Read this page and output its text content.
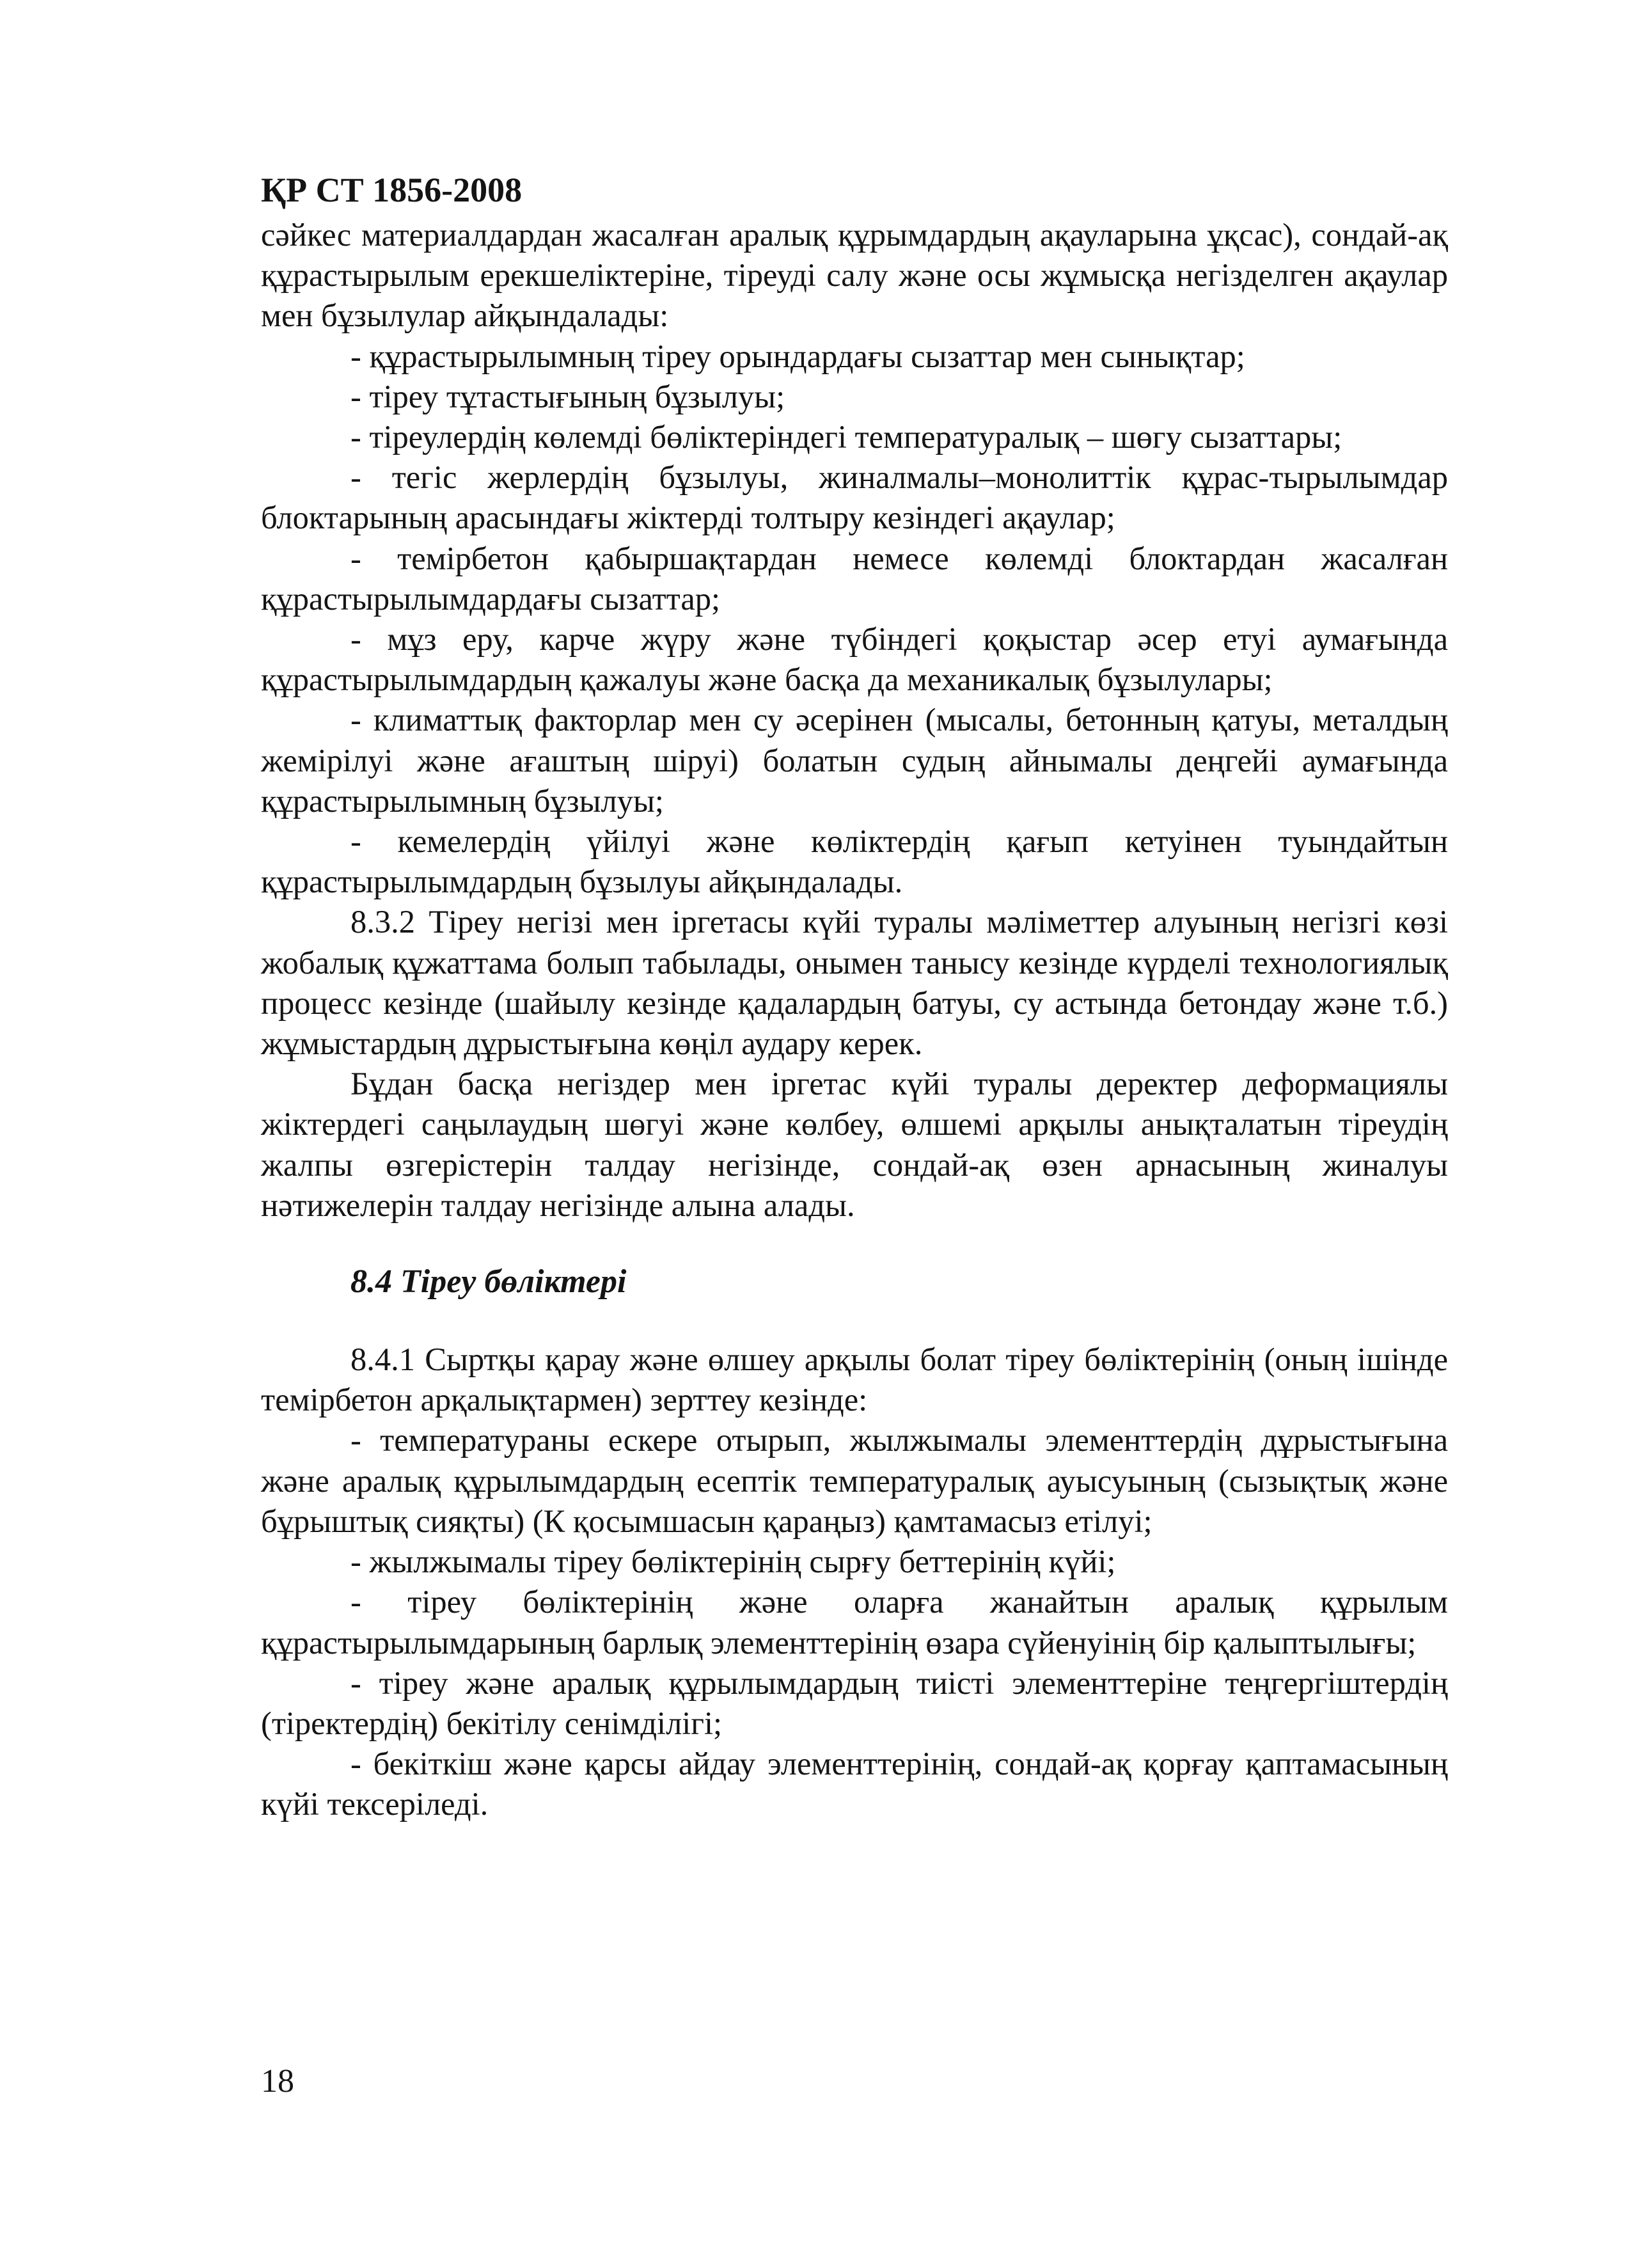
ҚР СТ 1856-2008

сәйкес материалдардан жасалған аралық құрымдардың ақауларына ұқсас), сондай-ақ құрастырылым ерекшеліктеріне, тіреуді салу және осы жұмысқа негізделген ақаулар мен бұзылулар айқындалады:

- құрастырылымның тіреу орындардағы сызаттар мен сынықтар;

- тіреу тұтастығының бұзылуы;

- тіреулердің көлемді бөліктеріндегі температуралық – шөгу сызаттары;

- тегіс жерлердің бұзылуы, жиналмалы–монолиттік құрас-тырылымдар блоктарының арасындағы жіктерді толтыру кезіндегі ақаулар;

- темірбетон қабыршақтардан немесе көлемді блоктардан жасалған құрастырылымдардағы сызаттар;

- мұз еру, карче жүру және түбіндегі қоқыстар әсер етуі аумағында құрастырылымдардың қажалуы және басқа да механикалық бұзылулары;

- климаттық факторлар мен су әсерінен (мысалы, бетонның қатуы, металдың жемірілуі және ағаштың шіруі) болатын судың айнымалы деңгейі аумағында құрастырылымның бұзылуы;

- кемелердің үйілуі және көліктердің қағып кетуінен туындайтын құрастырылымдардың бұзылуы айқындалады.

8.3.2 Тіреу негізі мен іргетасы күйі туралы мәліметтер алуының негізгі көзі жобалық құжаттама болып табылады, онымен танысу кезінде күрделі технологиялық процесс кезінде (шайылу кезінде қадалардың батуы, су астында бетондау және т.б.) жұмыстардың дұрыстығына көңіл аудару керек.

Бұдан басқа негіздер мен іргетас күйі туралы деректер деформациялы жіктердегі саңылаудың шөгуі және көлбеу, өлшемі арқылы анықталатын тіреудің жалпы өзгерістерін талдау негізінде, сондай-ақ өзен арнасының жиналуы нәтижелерін талдау негізінде алына алады.

8.4 Тіреу бөліктері

8.4.1 Сыртқы қарау және өлшеу арқылы болат тіреу бөліктерінің (оның ішінде темірбетон арқалықтармен) зерттеу кезінде:

- температураны ескере отырып, жылжымалы элементтердің дұрыстығына және аралық құрылымдардың есептік температуралық ауысуының (сызықтық және бұрыштық сияқты) (К қосымшасын қараңыз) қамтамасыз етілуі;

- жылжымалы тіреу бөліктерінің сырғу беттерінің күйі;

- тіреу бөліктерінің және оларға жанайтын аралық құрылым құрастырылымдарының барлық элементтерінің өзара сүйенуінің бір қалыптылығы;

- тіреу және аралық құрылымдардың тиісті элементтеріне теңгергіштердің (тіректердің) бекітілу сенімділігі;

- бекіткіш және қарсы айдау элементтерінің, сондай-ақ қорғау қаптамасының күйі тексеріледі.

18
